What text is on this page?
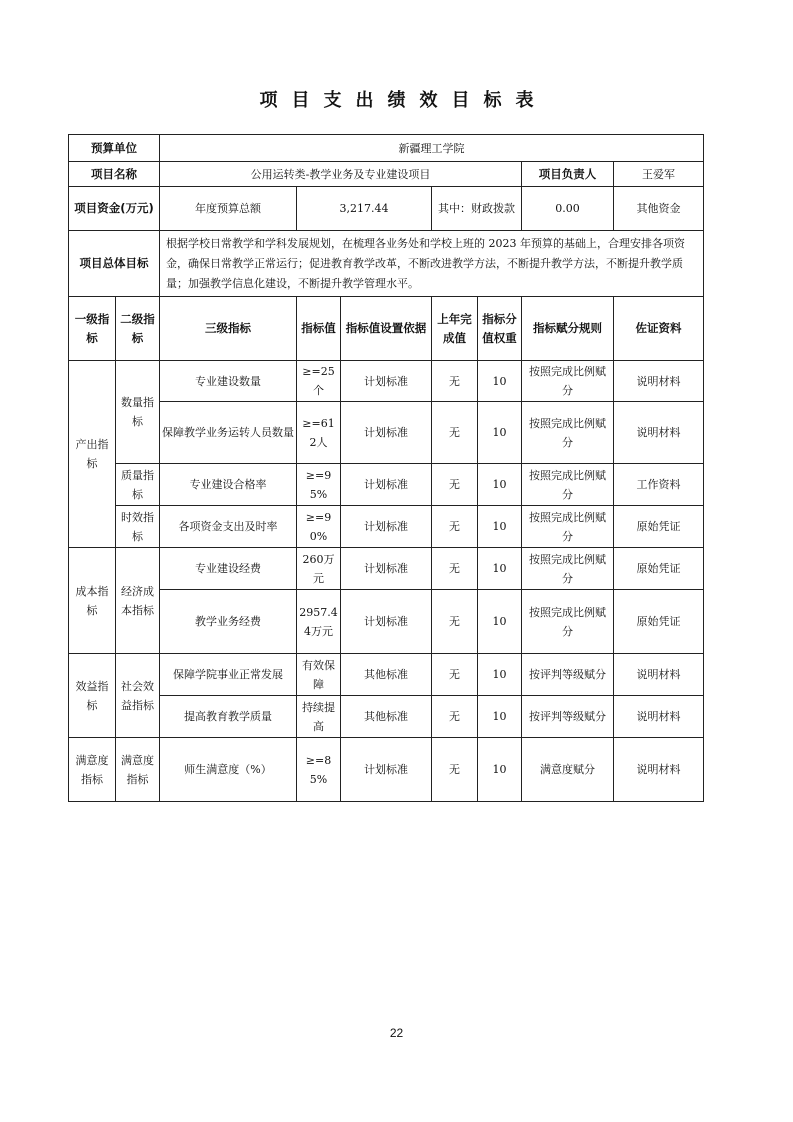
项目支出绩效目标表
预算单位		新疆理工学院						
项目名称		公用运转类-教学业务及专业建设项目					项目负责人	王爱军
项目资金(万元)		年度预算总额	3,217.44		其中：财政拨款		0.00	其他资金
项目总体目标		根据学校日常教学和学科发展规划，在梳理各业务处和学校上班的 2023 年预算的基础上，合理安排各项资金，确保日常教学正常运行；促进教育教学改革，不断改进教学方法，不断提升教学方法，不断提升教学质量；加强教学信息化建设，不断提升教学管理水平。						
一级指标	二级指标	三级指标	指标值	指标值设置依据	上年完成值	指标分值权重	指标赋分规则	佐证资料
产出指标	数量指标	专业建设数量	≥=25个	计划标准	无	10	按照完成比例赋分	说明材料
		保障教学业务运转人员数量	≥=612人	计划标准	无	10	按照完成比例赋分	说明材料
	质量指标	专业建设合格率	≥=95%	计划标准	无	10	按照完成比例赋分	工作资料
	时效指标	各项资金支出及时率	≥=90%	计划标准	无	10	按照完成比例赋分	原始凭证
成本指标	经济成本指标	专业建设经费	260万元	计划标准	无	10	按照完成比例赋分	原始凭证
		教学业务经费	2957.44万元	计划标准	无	10	按照完成比例赋分	原始凭证
效益指标	社会效益指标	保障学院事业正常发展	有效保障	其他标准	无	10	按评判等级赋分	说明材料
		提高教育教学质量	持续提高	其他标准	无	10	按评判等级赋分	说明材料
满意度指标	满意度指标	师生满意度（%）	≥=85%	计划标准	无	10	满意度赋分	说明材料
22
